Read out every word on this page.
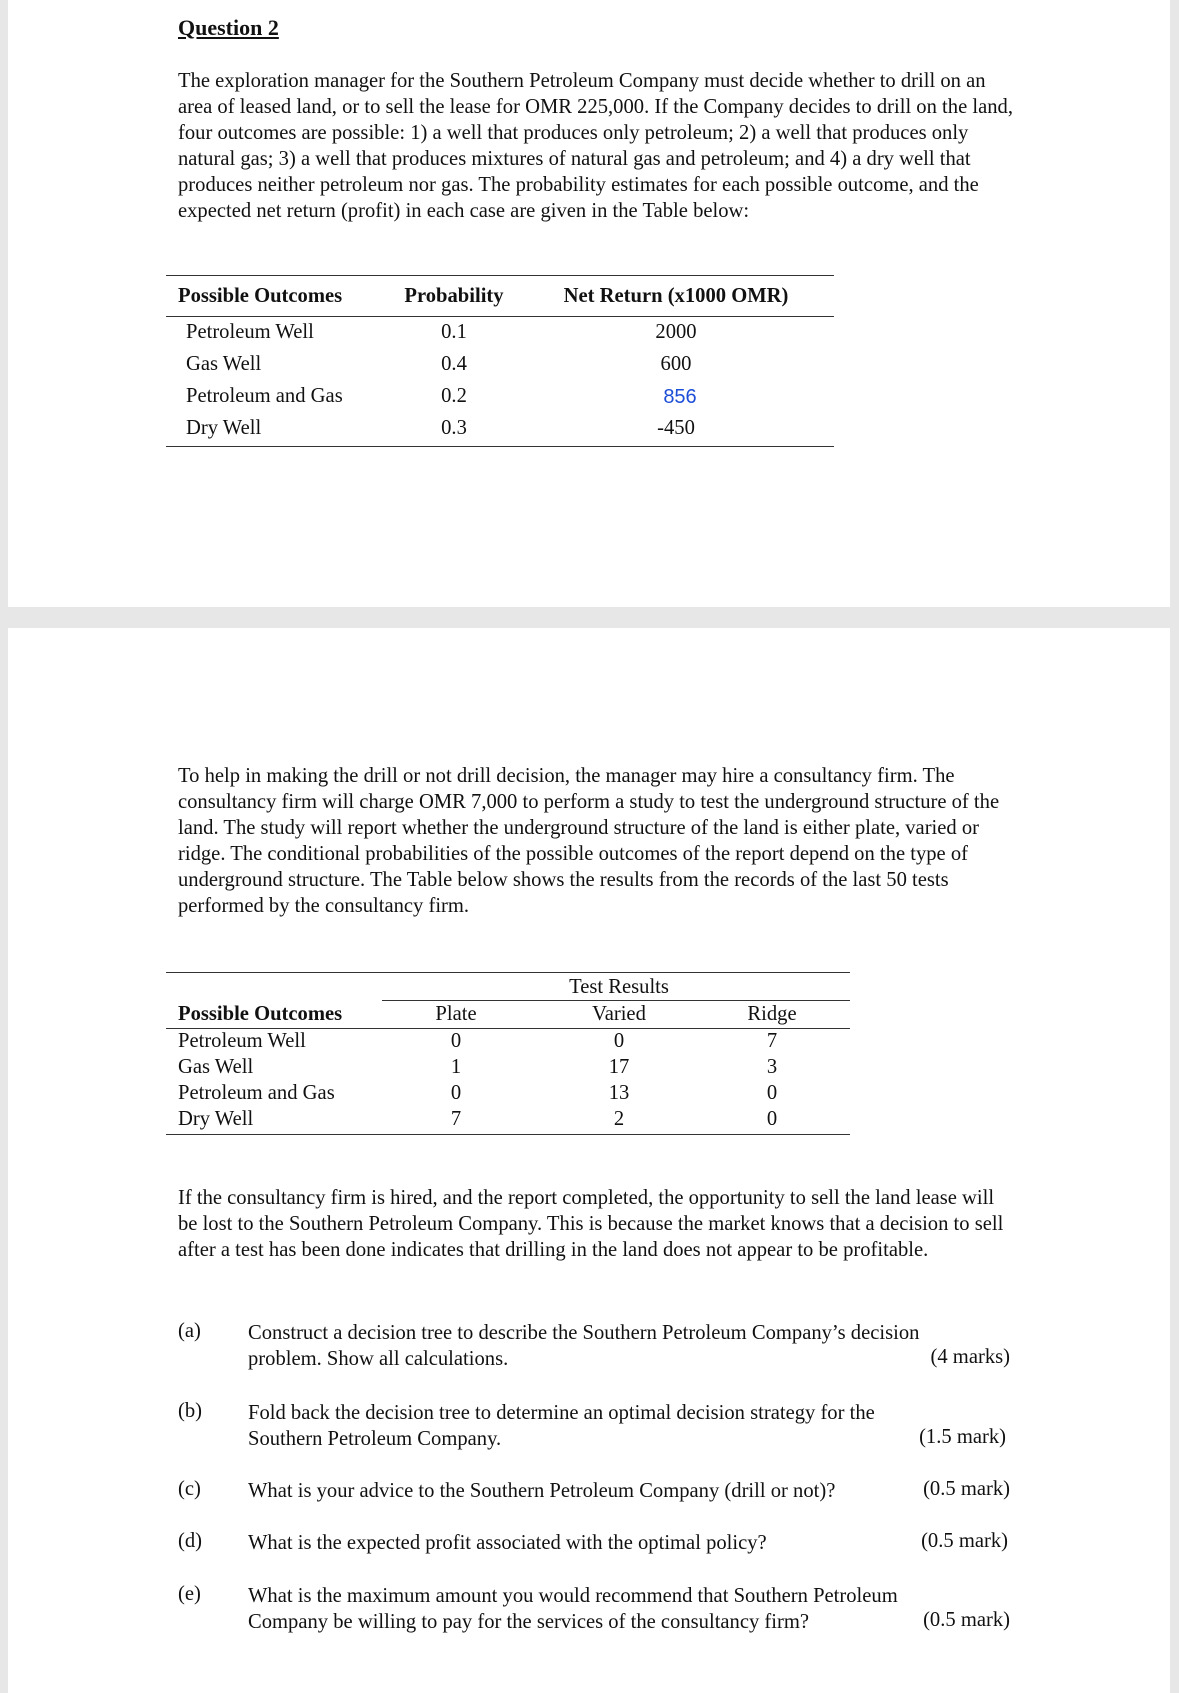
Question 2
The exploration manager for the Southern Petroleum Company must decide whether to drill on an area of leased land, or to sell the lease for OMR 225,000. If the Company decides to drill on the land, four outcomes are possible: 1) a well that produces only petroleum; 2) a well that produces only natural gas; 3) a well that produces mixtures of natural gas and petroleum; and 4) a dry well that produces neither petroleum nor gas. The probability estimates for each possible outcome, and the expected net return (profit) in each case are given in the Table below:
Possible Outcomes	Probability	Net Return (x1000 OMR)
Petroleum Well	0.1	2000
Gas Well	0.4	600
Petroleum and Gas	0.2	856
Dry Well	0.3	-450
To help in making the drill or not drill decision, the manager may hire a consultancy firm. The consultancy firm will charge OMR 7,000 to perform a study to test the underground structure of the land. The study will report whether the underground structure of the land is either plate, varied or ridge. The conditional probabilities of the possible outcomes of the report depend on the type of underground structure. The Table below shows the results from the records of the last 50 tests performed by the consultancy firm.
Test Results
Possible Outcomes	Plate	Varied	Ridge
Petroleum Well	0	0	7
Gas Well	1	17	3
Petroleum and Gas	0	13	0
Dry Well	7	2	0
If the consultancy firm is hired, and the report completed, the opportunity to sell the land lease will be lost to the Southern Petroleum Company. This is because the market knows that a decision to sell after a test has been done indicates that drilling in the land does not appear to be profitable.
(a) Construct a decision tree to describe the Southern Petroleum Company’s decision
problem. Show all calculations.	(4 marks)
(b) Fold back the decision tree to determine an optimal decision strategy for the
Southern Petroleum Company.	(1.5 mark)
(c) What is your advice to the Southern Petroleum Company (drill or not)?	(0.5 mark)
(d) What is the expected profit associated with the optimal policy?	(0.5 mark)
(e) What is the maximum amount you would recommend that Southern Petroleum
Company be willing to pay for the services of the consultancy firm?	(0.5 mark)
